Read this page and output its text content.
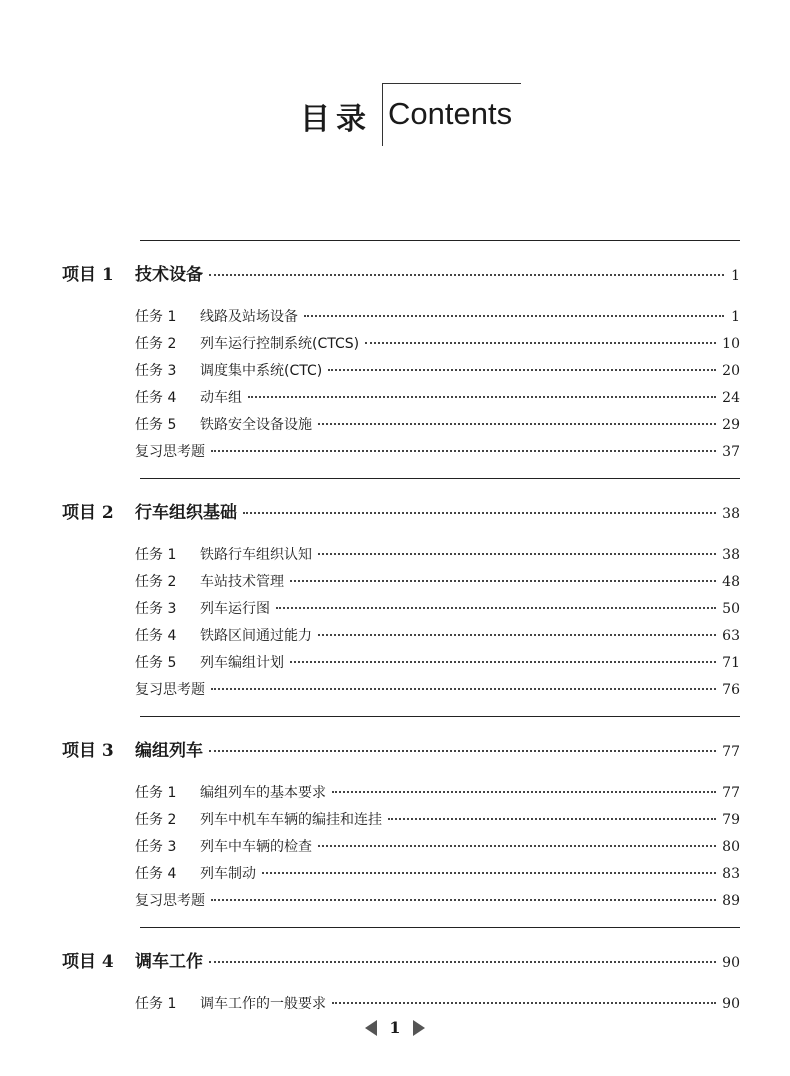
目录 Contents
项目 1	技术设备	1
任务 1	线路及站场设备	1
任务 2	列车运行控制系统(CTCS)	10
任务 3	调度集中系统(CTC)	20
任务 4	动车组	24
任务 5	铁路安全设备设施	29
复习思考题	37
项目 2	行车组织基础	38
任务 1	铁路行车组织认知	38
任务 2	车站技术管理	48
任务 3	列车运行图	50
任务 4	铁路区间通过能力	63
任务 5	列车编组计划	71
复习思考题	76
项目 3	编组列车	77
任务 1	编组列车的基本要求	77
任务 2	列车中机车车辆的编挂和连挂	79
任务 3	列车中车辆的检查	80
任务 4	列车制动	83
复习思考题	89
项目 4	调车工作	90
任务 1	调车工作的一般要求	90
1
